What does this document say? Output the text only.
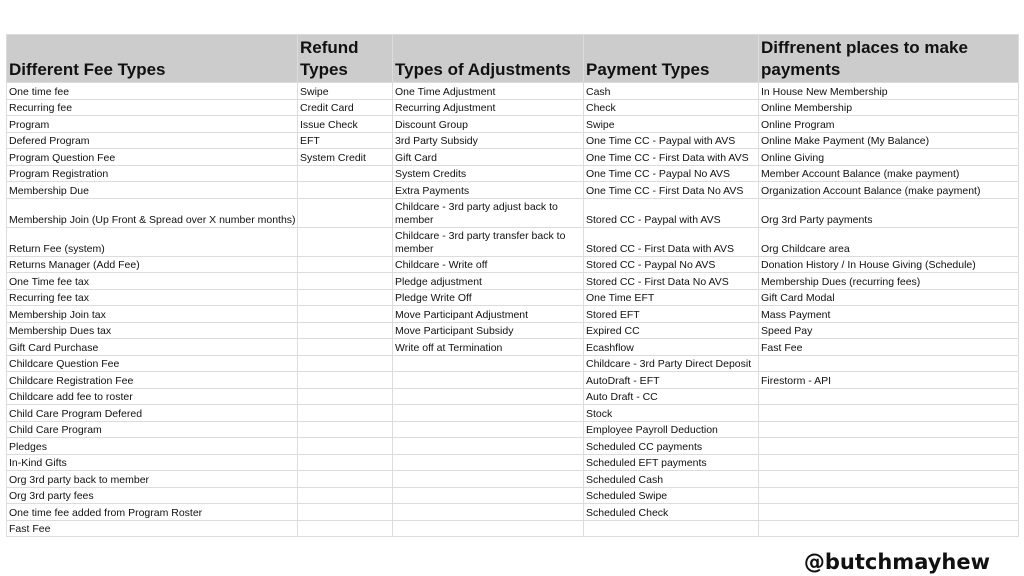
Different Fee Types	Refund Types	Types of Adjustments	Payment Types	Diffrenent places to make payments
One time fee	Swipe	One Time Adjustment	Cash	In House New Membership
Recurring fee	Credit Card	Recurring Adjustment	Check	Online Membership
Program	Issue Check	Discount Group	Swipe	Online Program
Defered Program	EFT	3rd Party Subsidy	One Time CC - Paypal with AVS	Online Make Payment (My Balance)
Program Question Fee	System Credit	Gift Card	One Time CC - First Data with AVS	Online Giving
Program Registration		System Credits	One Time CC - Paypal No AVS	Member Account Balance (make payment)
Membership Due		Extra Payments	One Time CC - First Data No AVS	Organization Account Balance (make payment)
Membership Join (Up Front & Spread over X number months)		Childcare - 3rd party adjust back to member	Stored CC - Paypal with AVS	Org 3rd Party payments
Return Fee (system)		Childcare - 3rd party transfer back to member	Stored CC - First Data with AVS	Org Childcare area
Returns Manager (Add Fee)		Childcare - Write off	Stored CC - Paypal No AVS	Donation History / In House Giving (Schedule)
One Time fee tax		Pledge adjustment	Stored CC - First Data No AVS	Membership Dues (recurring fees)
Recurring fee tax		Pledge Write Off	One Time EFT	Gift Card Modal
Membership Join tax		Move Participant Adjustment	Stored EFT	Mass Payment
Membership Dues tax		Move Participant Subsidy	Expired CC	Speed Pay
Gift Card Purchase		Write off at Termination	Ecashflow	Fast Fee
Childcare Question Fee			Childcare - 3rd Party Direct Deposit	
Childcare Registration Fee			AutoDraft - EFT	Firestorm - API
Childcare add fee to roster			Auto Draft - CC	
Child Care Program Defered			Stock	
Child Care Program			Employee Payroll Deduction	
Pledges			Scheduled CC payments	
In-Kind Gifts			Scheduled EFT payments	
Org 3rd party back to member			Scheduled Cash	
Org 3rd party fees			Scheduled Swipe	
One time fee added from Program Roster			Scheduled Check	
Fast Fee				
@butchmayhew
